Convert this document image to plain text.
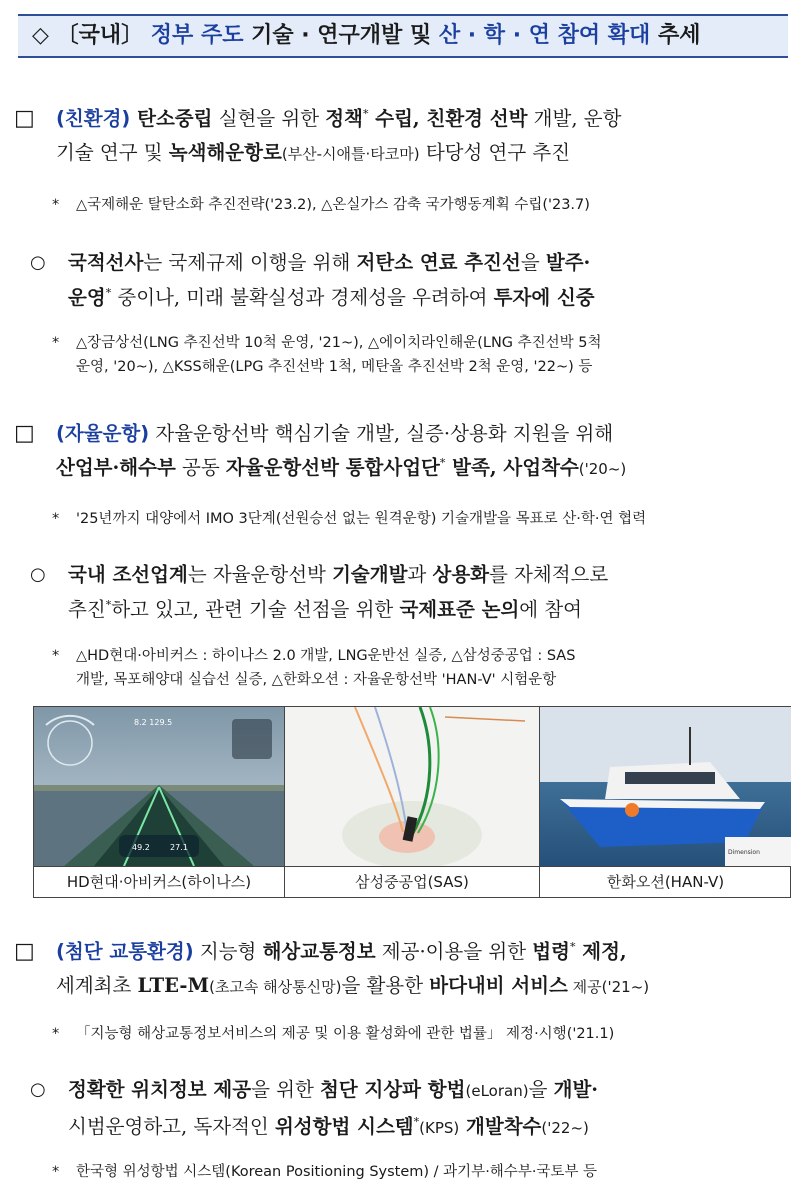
◇ 〔국내〕 정부 주도 기술 · 연구개발 및 산 · 학 · 연 참여 확대 추세
□ (친환경) 탄소중립 실현을 위한 정책* 수립, 친환경 선박 개발, 운항
기술 연구 및 녹색해운항로(부산-시애틀·타코마) 타당성 연구 추진
*	△국제해운 탈탄소화 추진전략('23.2), △온실가스 감축 국가행동계획 수립('23.7)
○ 국적선사는 국제규제 이행을 위해 저탄소 연료 추진선을 발주·
운영* 중이나, 미래 불확실성과 경제성을 우려하여 투자에 신중
* △장금상선(LNG 추진선박 10척 운영, '21~), △에이치라인해운(LNG 추진선박 5척
운영, '20~), △KSS해운(LPG 추진선박 1척, 메탄올 추진선박 2척 운영, '22~) 등
□ (자율운항) 자율운항선박 핵심기술 개발, 실증·상용화 지원을 위해
산업부·해수부 공동 자율운항선박 통합사업단* 발족, 사업착수('20~)
*	'25년까지 대양에서 IMO 3단계(선원승선 없는 원격운항) 기술개발을 목표로 산·학·연 협력
○ 국내 조선업계는 자율운항선박 기술개발과 상용화를 자체적으로
추진*하고 있고, 관련 기술 선점을 위한 국제표준 논의에 참여
* △HD현대·아비커스 : 하이나스 2.0 개발, LNG운반선 실증, △삼성중공업 : SAS
개발, 목포해양대 실습선 실증, △한화오션 : 자율운항선박 'HAN-V' 시험운항
8.2 129.5
49.2	27.1
Dimension
HD현대·아비커스(하이나스)	삼성중공업(SAS)	한화오션(HAN-V)
□ (첨단 교통환경) 지능형 해상교통정보 제공·이용을 위한 법령* 제정,
세계최초 LTE-M(초고속 해상통신망)을 활용한 바다내비 서비스 제공('21~)
*	「지능형 해상교통정보서비스의 제공 및 이용 활성화에 관한 법률」 제정·시행('21.1)
○ 정확한 위치정보 제공을 위한 첨단 지상파 항법(eLoran)을 개발·
시범운영하고, 독자적인 위성항법 시스템*(KPS) 개발착수('22~)
*	한국형 위성항법 시스템(Korean Positioning System) / 과기부·해수부·국토부 등
